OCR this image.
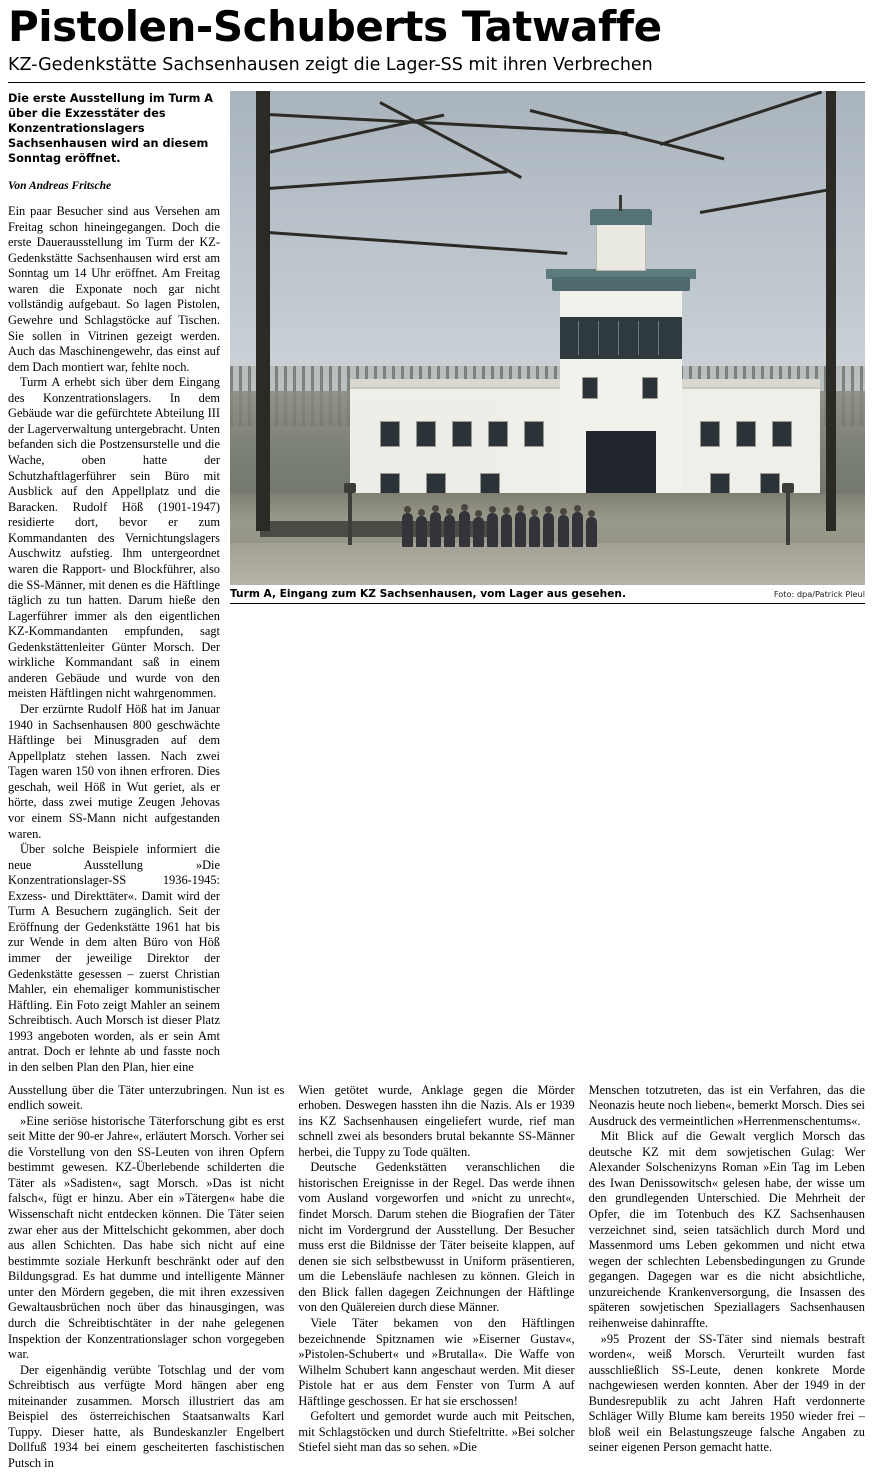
Pistolen-Schuberts Tatwaffe
KZ-Gedenkstätte Sachsenhausen zeigt die Lager-SS mit ihren Verbrechen
Die erste Ausstellung im Turm A über die Exzesstäter des Konzentrationslagers Sachsenhausen wird an diesem Sonntag eröffnet.
Von Andreas Fritsche

Ein paar Besucher sind aus Versehen am Freitag schon hineingegangen. Doch die erste Dauerausstellung im Turm der KZ-Gedenkstätte Sachsenhausen wird erst am Sonntag um 14 Uhr eröffnet. Am Freitag waren die Exponate noch gar nicht vollständig aufgebaut. So lagen Pistolen, Gewehre und Schlagstöcke auf Tischen. Sie sollen in Vitrinen gezeigt werden. Auch das Maschinengewehr, das einst auf dem Dach montiert war, fehlte noch.

Turm A erhebt sich über dem Eingang des Konzentrationslagers. In dem Gebäude war die gefürchtete Abteilung III der Lagerverwaltung untergebracht. Unten befanden sich die Postzensurstelle und die Wache, oben hatte der Schutzhaftlagerführer sein Büro mit Ausblick auf den Appellplatz und die Baracken. Rudolf Höß (1901-1947) residierte dort, bevor er zum Kommandanten des Vernichtungslagers Auschwitz aufstieg. Ihm untergeordnet waren die Rapport- und Blockführer, also die SS-Männer, mit denen es die Häftlinge täglich zu tun hatten. Darum hieße den Lagerführer immer als den eigentlichen KZ-Kommandanten empfunden, sagt Gedenkstättenleiter Günter Morsch. Der wirkliche Kommandant saß in einem anderen Gebäude und wurde von den meisten Häftlingen nicht wahrgenommen.

Der erzürnte Rudolf Höß hat im Januar 1940 in Sachsenhausen 800 geschwächte Häftlinge bei Minusgraden auf dem Appellplatz stehen lassen. Nach zwei Tagen waren 150 von ihnen erfroren. Dies geschah, weil Höß in Wut geriet, als er hörte, dass zwei mutige Zeugen Jehovas vor einem SS-Mann nicht aufgestanden waren.

Über solche Beispiele informiert die neue Ausstellung »Die Konzentrationslager-SS 1936-1945: Exzess- und Direkttäter«. Damit wird der Turm A Besuchern zugänglich. Seit der Eröffnung der Gedenkstätte 1961 hat bis zur Wende in dem alten Büro von Höß immer der jeweilige Direktor der Gedenkstätte gesessen – zuerst Christian Mahler, ein ehemaliger kommunistischer Häftling. Ein Foto zeigt Mahler an seinem Schreibtisch. Auch Morsch ist dieser Platz 1993 angeboten worden, als er sein Amt antrat. Doch er lehnte ab und fasste noch in den selben Plan den Plan, hier eine

Turm A, Eingang zum KZ Sachsenhausen, vom Lager aus gesehen.	Foto: dpa/Patrick Pleul

Ausstellung über die Täter unterzubringen. Nun ist es endlich soweit.

»Eine seriöse historische Täterforschung gibt es erst seit Mitte der 90-er Jahre«, erläutert Morsch. Vorher sei die Vorstellung von den SS-Leuten von ihren Opfern bestimmt gewesen. KZ-Überlebende schilderten die Täter als »Sadisten«, sagt Morsch. »Das ist nicht falsch«, fügt er hinzu. Aber ein »Tätergen« habe die Wissenschaft nicht entdecken können. Die Täter seien zwar eher aus der Mittelschicht gekommen, aber doch aus allen Schichten. Das habe sich nicht auf eine bestimmte soziale Herkunft beschränkt oder auf den Bildungsgrad. Es hat dumme und intelligente Männer unter den Mördern gegeben, die mit ihren exzessiven Gewaltausbrüchen noch über das hinausgingen, was durch die Schreibtischtäter in der nahe gelegenen Inspektion der Konzentrationslager schon vorgegeben war.

Der eigenhändig verübte Totschlag und der vom Schreibtisch aus verfügte Mord hängen aber eng miteinander zusammen. Morsch illustriert das am Beispiel des österreichischen Staatsanwalts Karl Tuppy. Dieser hatte, als Bundeskanzler Engelbert Dollfuß 1934 bei einem gescheiterten faschistischen Putsch in

Wien getötet wurde, Anklage gegen die Mörder erhoben. Deswegen hassten ihn die Nazis. Als er 1939 ins KZ Sachsenhausen eingeliefert wurde, rief man schnell zwei als besonders brutal bekannte SS-Männer herbei, die Tuppy zu Tode quälten.

Deutsche Gedenkstätten veranschlichen die historischen Ereignisse in der Regel. Das werde ihnen vom Ausland vorgeworfen und »nicht zu unrecht«, findet Morsch. Darum stehen die Biografien der Täter nicht im Vordergrund der Ausstellung. Der Besucher muss erst die Bildnisse der Täter beiseite klappen, auf denen sie sich selbstbewusst in Uniform präsentieren, um die Lebensläufe nachlesen zu können. Gleich in den Blick fallen dagegen Zeichnungen der Häftlinge von den Quälereien durch diese Männer.

Viele Täter bekamen von den Häftlingen bezeichnende Spitznamen wie »Eiserner Gustav«, »Pistolen-Schubert« und »Brutalla«. Die Waffe von Wilhelm Schubert kann angeschaut werden. Mit dieser Pistole hat er aus dem Fenster von Turm A auf Häftlinge geschossen. Er hat sie erschossen!

Gefoltert und gemordet wurde auch mit Peitschen, mit Schlagstöcken und durch Stiefeltritte. »Bei solcher Stiefel sieht man das so sehen. »Die

Menschen totzutreten, das ist ein Verfahren, das die Neonazis heute noch lieben«, bemerkt Morsch. Dies sei Ausdruck des vermeintlichen »Herrenmenschentums«.

Mit Blick auf die Gewalt verglich Morsch das deutsche KZ mit dem sowjetischen Gulag: Wer Alexander Solschenizyns Roman »Ein Tag im Leben des Iwan Denissowitsch« gelesen habe, der wisse um den grundlegenden Unterschied. Die Mehrheit der Opfer, die im Totenbuch des KZ Sachsenhausen verzeichnet sind, seien tatsächlich durch Mord und Massenmord ums Leben gekommen und nicht etwa wegen der schlechten Lebensbedingungen zu Grunde gegangen. Dagegen war es die nicht absichtliche, unzureichende Krankenversorgung, die Insassen des späteren sowjetischen Speziallagers Sachsenhausen reihenweise dahinraffte.

»95 Prozent der SS-Täter sind niemals bestraft worden«, weiß Morsch. Verurteilt wurden fast ausschließlich SS-Leute, denen konkrete Morde nachgewiesen werden konnten. Aber der 1949 in der Bundesrepublik zu acht Jahren Haft verdonnerte Schläger Willy Blume kam bereits 1950 wieder frei – bloß weil ein Belastungszeuge falsche Angaben zu seiner eigenen Person gemacht hatte.
